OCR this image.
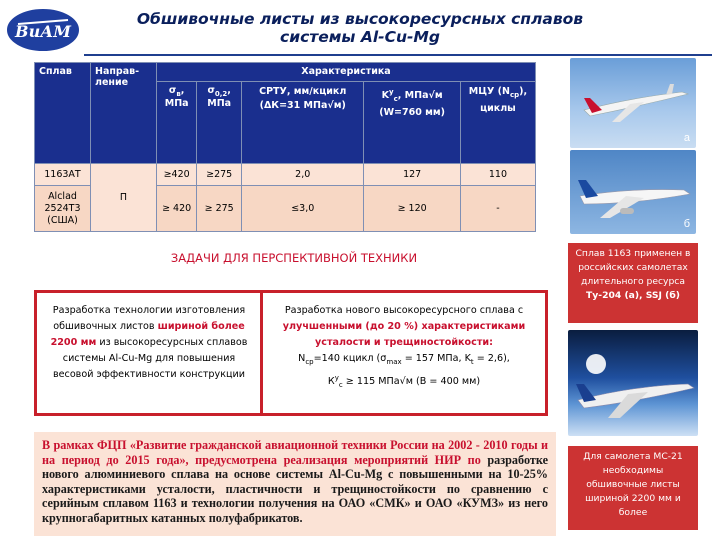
ВиАМ
Обшивочные листы из высокоресурсных сплавов
системы Al-Cu-Mg
Сплав	Направ-ление	Характеристика				
		$\sigma_в$, МПа	$\sigma_{0,2}$, МПа	СРТУ, мм/кцикл (ΔК=31 МПа√м)	$K^у_c$, МПа√м (W=760 мм)	МЦУ $(N_{ср})$, циклы
1163АТ	П	≥420	≥275	2,0	127	110
Alclad 2524Т3 (США)		≥ 420	≥ 275	≤3,0	≥ 120	-
а
б
Сплав 1163 применен в российских самолетах длительного ресурса
Ту-204 (а), SSJ (б)
Для самолета МС-21 необходимы обшивочные листы шириной 2200 мм и более
ЗАДАЧИ ДЛЯ ПЕРСПЕКТИВНОЙ ТЕХНИКИ
Разработка технологии изготовления обшивочных листов шириной более 2200 мм из высокоресурсных сплавов системы Al-Cu-Mg для повышения весовой эффективности конструкции
Разработка нового высокоресурсного сплава с улучшенными (до 20 %) характеристиками усталости и трещиностойкости:
$N_{ср}=140$ кцикл ($\sigma_{max} = 157$ МПа, $K_t = 2,6$),
$К^у_с \ge 115$ МПа√м (В = 400 мм)
В рамках ФЦП «Развитие гражданской авиационной техники России на 2002 - 2010 годы и на период до 2015 года», предусмотрена реализация мероприятий НИР по разработке нового алюминиевого сплава на основе системы Al-Cu-Mg с повышенными на 10-25% характеристиками усталости, пластичности и трещиностойкости по сравнению с серийным сплавом 1163 и технологии получения на ОАО «СМК» и ОАО «КУМЗ» из него крупногабаритных катанных полуфабрикатов.
